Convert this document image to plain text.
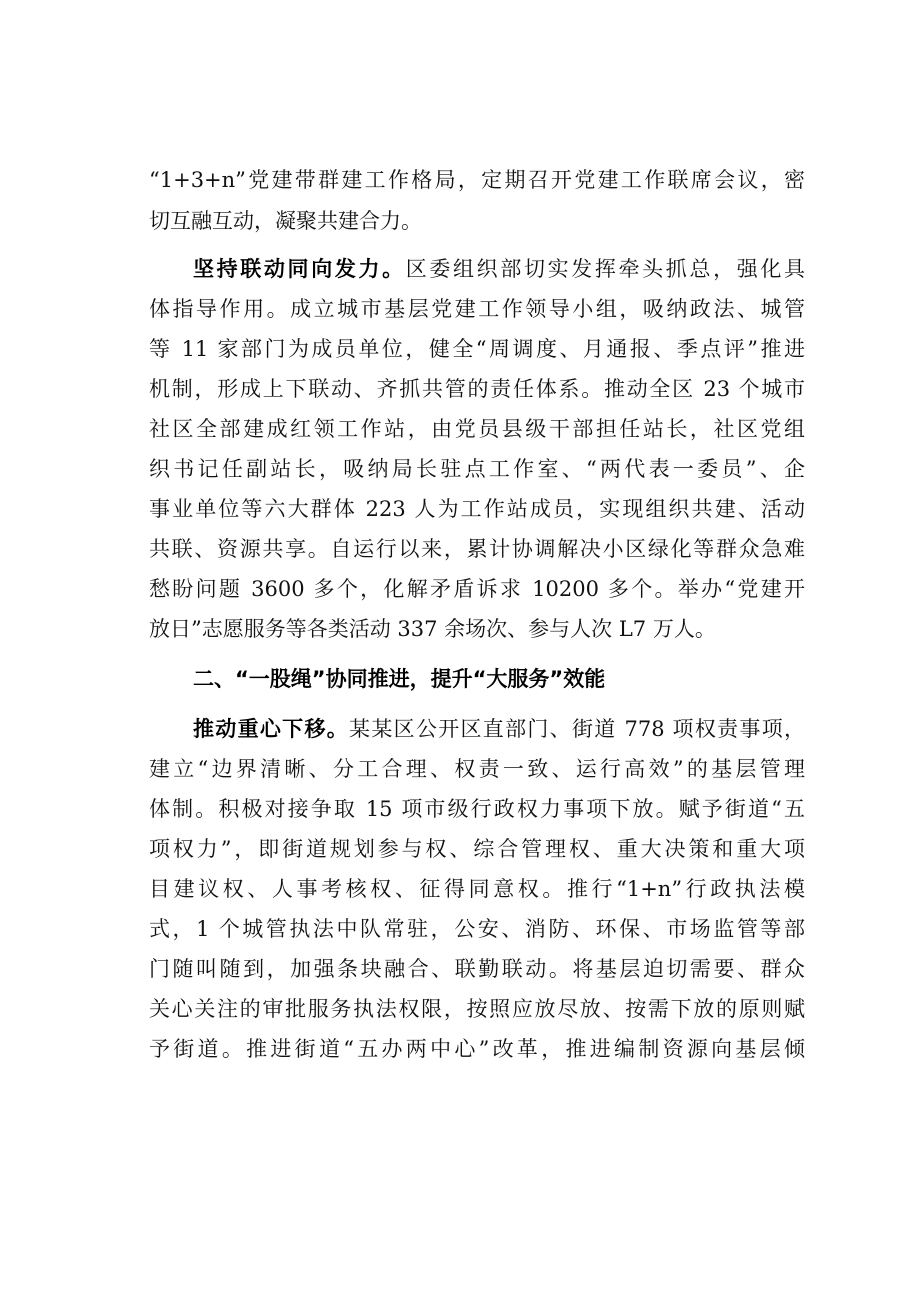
“1+3+n”党建带群建工作格局，定期召开党建工作联席会议，密
切互融互动，凝聚共建合力。
坚持联动同向发力。区委组织部切实发挥牵头抓总，强化具
体指导作用。成立城市基层党建工作领导小组，吸纳政法、城管
等 11 家部门为成员单位，健全“周调度、月通报、季点评”推进
机制，形成上下联动、齐抓共管的责任体系。推动全区 23 个城市
社区全部建成红领工作站，由党员县级干部担任站长，社区党组
织书记任副站长，吸纳局长驻点工作室、“两代表一委员”、企
事业单位等六大群体 223 人为工作站成员，实现组织共建、活动
共联、资源共享。自运行以来，累计协调解决小区绿化等群众急难
愁盼问题 3600 多个，化解矛盾诉求 10200 多个。举办“党建开
放日”志愿服务等各类活动 337 余场次、参与人次 L7 万人。
二、“一股绳”协同推进，提升“大服务”效能
推动重心下移。某某区公开区直部门、街道 778 项权责事项，
建立“边界清晰、分工合理、权责一致、运行高效”的基层管理
体制。积极对接争取 15 项市级行政权力事项下放。赋予街道“五
项权力”，即街道规划参与权、综合管理权、重大决策和重大项
目建议权、人事考核权、征得同意权。推行“1+n”行政执法模
式，1 个城管执法中队常驻，公安、消防、环保、市场监管等部
门随叫随到，加强条块融合、联勤联动。将基层迫切需要、群众
关心关注的审批服务执法权限，按照应放尽放、按需下放的原则赋
予街道。推进街道“五办两中心”改革，推进编制资源向基层倾
